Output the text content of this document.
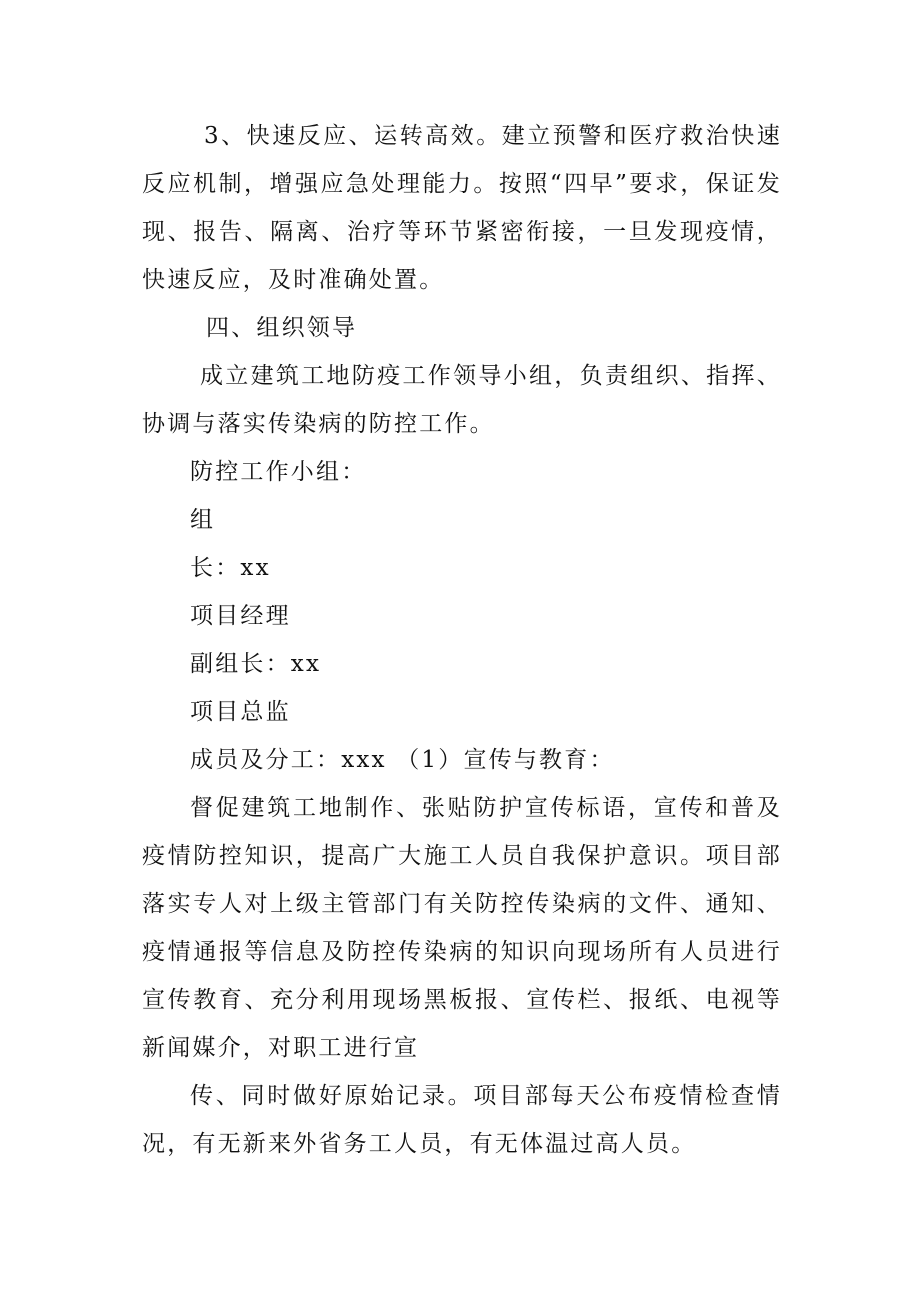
3、快速反应、运转高效。建立预警和医疗救治快速反应机制，增强应急处理能力。按照“四早”要求，保证发现、报告、隔离、治疗等环节紧密衔接，一旦发现疫情，快速反应，及时准确处置。

四、组织领导

成立建筑工地防疫工作领导小组，负责组织、指挥、协调与落实传染病的防控工作。

防控工作小组：

组

长：xx

项目经理

副组长：xx

项目总监

成员及分工：xxx （1）宣传与教育：

督促建筑工地制作、张贴防护宣传标语，宣传和普及疫情防控知识，提高广大施工人员自我保护意识。项目部落实专人对上级主管部门有关防控传染病的文件、通知、疫情通报等信息及防控传染病的知识向现场所有人员进行宣传教育、充分利用现场黑板报、宣传栏、报纸、电视等新闻媒介，对职工进行宣

传、同时做好原始记录。项目部每天公布疫情检查情况，有无新来外省务工人员，有无体温过高人员。
